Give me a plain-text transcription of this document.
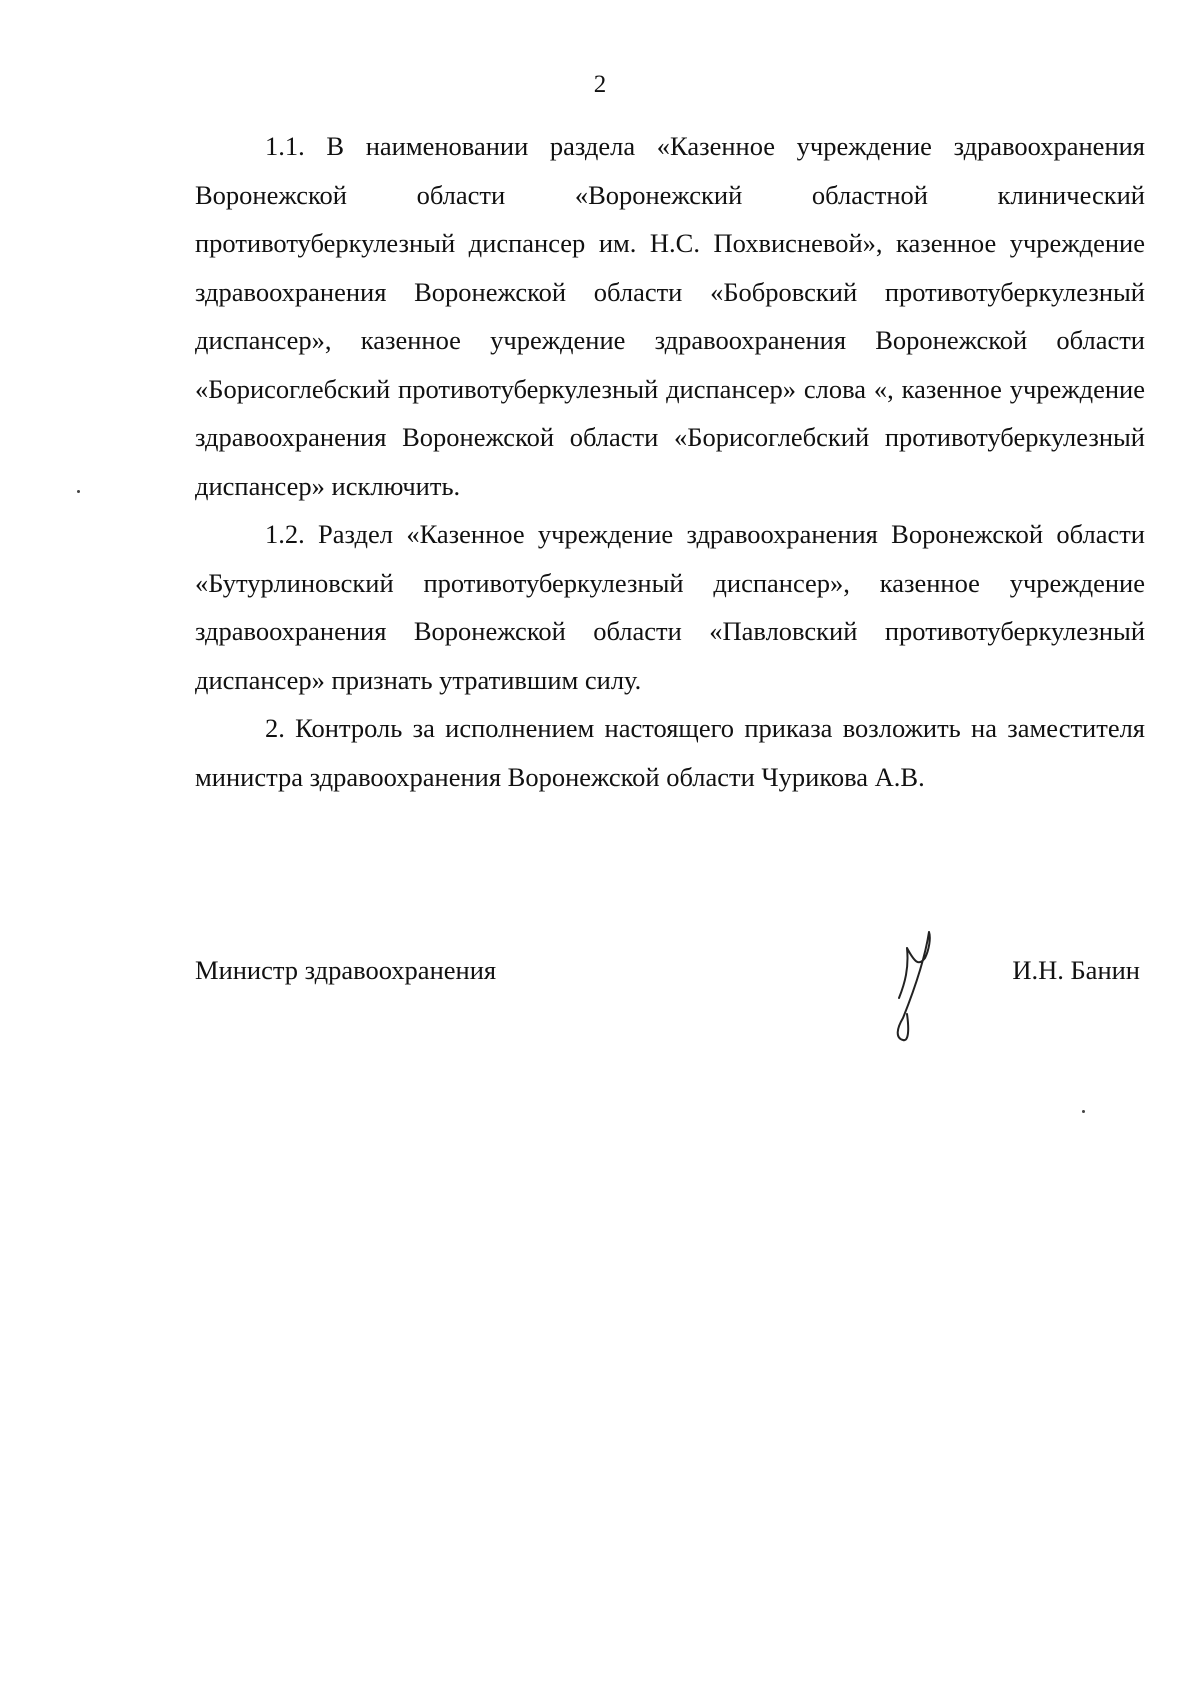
2

1.1. В наименовании раздела «Казенное учреждение здравоохранения Воронежской области «Воронежский областной клинический противотуберкулезный диспансер им. Н.С. Похвисневой», казенное учреждение здравоохранения Воронежской области «Бобровский противотуберкулезный диспансер», казенное учреждение здравоохранения Воронежской области «Борисоглебский противотуберкулезный диспансер» слова «, казенное учреждение здравоохранения Воронежской области «Борисоглебский противотуберкулезный диспансер» исключить.

1.2. Раздел «Казенное учреждение здравоохранения Воронежской области «Бутурлиновский противотуберкулезный диспансер», казенное учреждение здравоохранения Воронежской области «Павловский противотуберкулезный диспансер» признать утратившим силу.

2. Контроль за исполнением настоящего приказа возложить на заместителя министра здравоохранения Воронежской области Чурикова А.В.

Министр здравоохранения	И.Н. Банин
